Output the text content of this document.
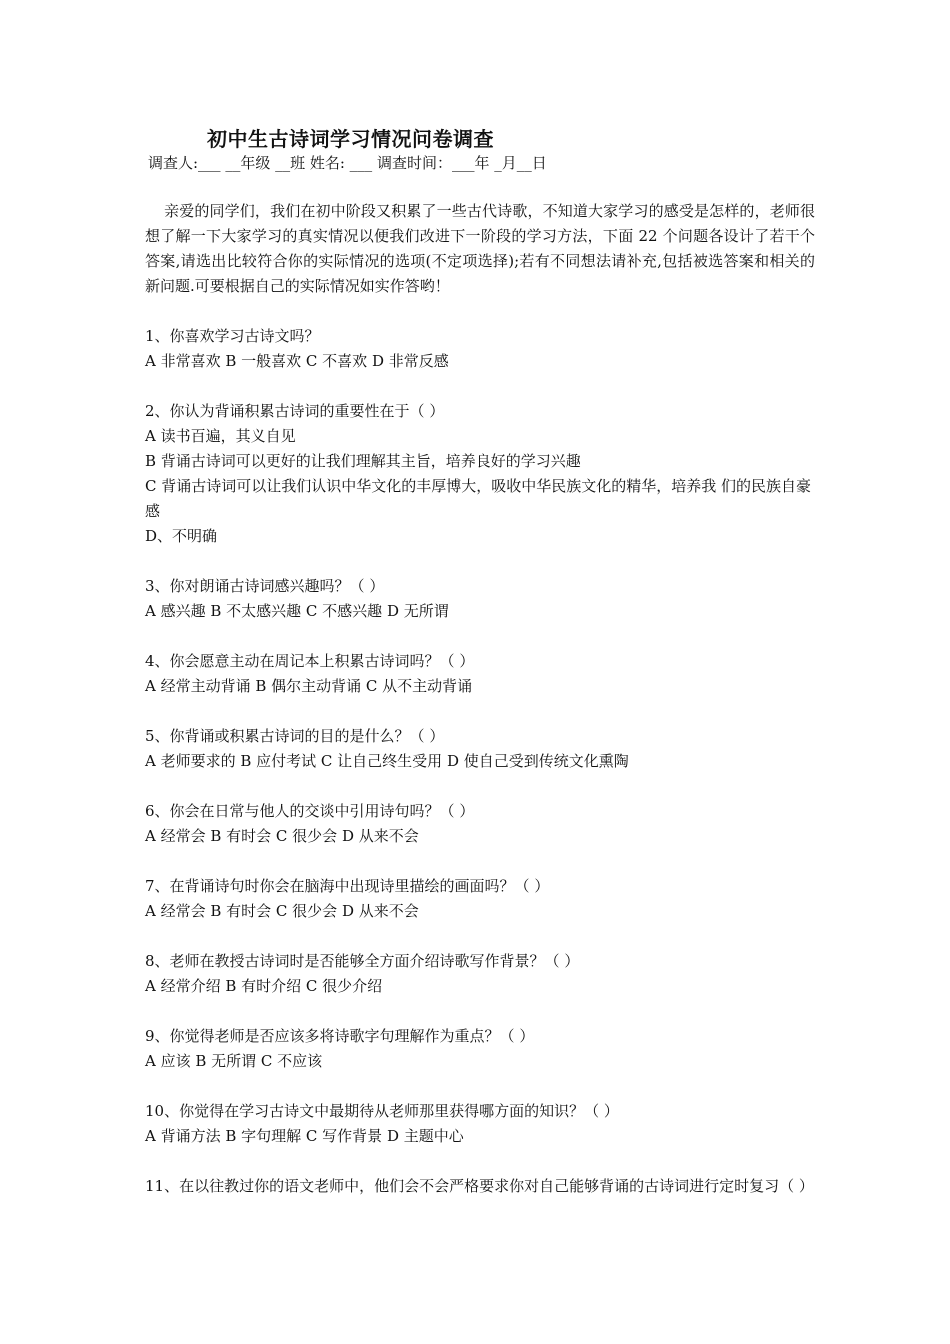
初中生古诗词学习情况问卷调查
调查人:___ __年级 __班 姓名: ___ 调查时间：___年 _月__日

亲爱的同学们，我们在初中阶段又积累了一些古代诗歌，不知道大家学习的感受是怎样的，老师很想了解一下大家学习的真实情况以便我们改进下一阶段的学习方法，下面 22 个问题各设计了若干个答案,请选出比较符合你的实际情况的选项(不定项选择);若有不同想法请补充,包括被选答案和相关的新问题.可要根据自己的实际情况如实作答哟！

1、你喜欢学习古诗文吗？
A 非常喜欢 B 一般喜欢 C 不喜欢 D 非常反感
2、你认为背诵积累古诗词的重要性在于（ ）
A 读书百遍，其义自见
B 背诵古诗词可以更好的让我们理解其主旨，培养良好的学习兴趣
C 背诵古诗词可以让我们认识中华文化的丰厚博大，吸收中华民族文化的精华，培养我 们的民族自豪感
D、不明确
3、你对朗诵古诗词感兴趣吗？（ ）
A 感兴趣 B 不太感兴趣 C 不感兴趣 D 无所谓
4、你会愿意主动在周记本上积累古诗词吗？（ ）
A 经常主动背诵 B 偶尔主动背诵 C 从不主动背诵
5、你背诵或积累古诗词的目的是什么？（ ）
A 老师要求的 B 应付考试 C 让自己终生受用 D 使自己受到传统文化熏陶
6、你会在日常与他人的交谈中引用诗句吗？（ ）
A 经常会 B 有时会 C 很少会 D 从来不会
7、在背诵诗句时你会在脑海中出现诗里描绘的画面吗？（ ）
A 经常会 B 有时会 C 很少会 D 从来不会
8、老师在教授古诗词时是否能够全方面介绍诗歌写作背景？（ ）
A 经常介绍 B 有时介绍 C 很少介绍
9、你觉得老师是否应该多将诗歌字句理解作为重点？（ ）
A 应该 B 无所谓 C 不应该
10、你觉得在学习古诗文中最期待从老师那里获得哪方面的知识？（ ）
A 背诵方法 B 字句理解 C 写作背景 D 主题中心
11、在以往教过你的语文老师中，他们会不会严格要求你对自己能够背诵的古诗词进行定时复习（ ）
